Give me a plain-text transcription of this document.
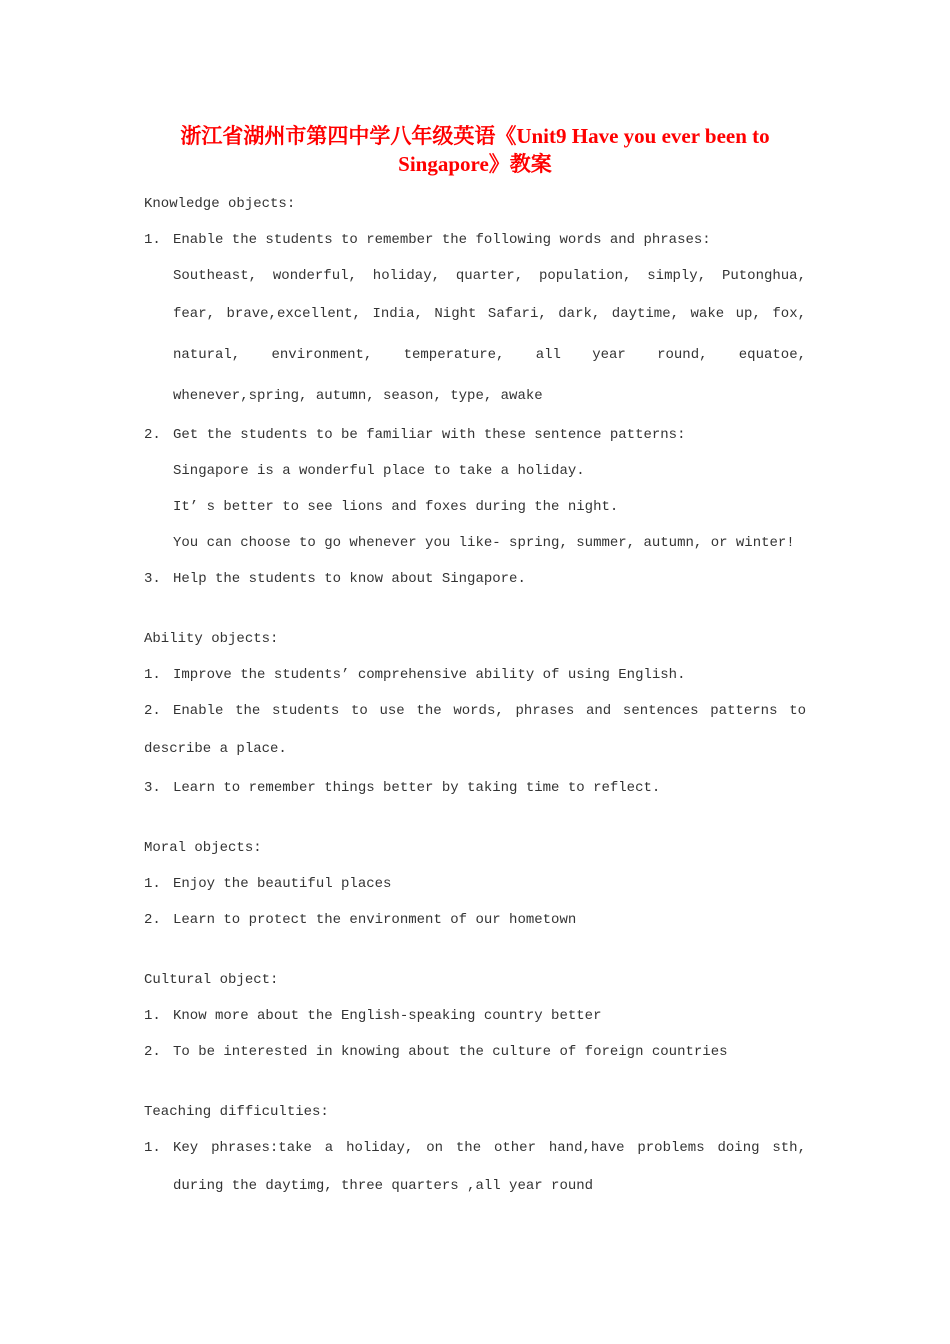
浙江省湖州市第四中学八年级英语《Unit9 Have you ever been to Singapore》教案
Knowledge objects:
1. Enable the students to remember the following words and phrases:
Southeast, wonderful, holiday, quarter, population, simply, Putonghua,
fear, brave,excellent, India, Night Safari, dark, daytime, wake up, fox,
natural, environment, temperature, all year round, equatoe,
whenever,spring, autumn, season, type, awake
2. Get the students to be familiar with these sentence patterns:
Singapore is a wonderful place to take a holiday.
It’ s better to see lions and foxes during the night.
You can choose to go whenever you like- spring, summer, autumn, or winter!
3. Help the students to know about Singapore.
Ability objects:
1. Improve the students’ comprehensive ability of using English.
2. Enable the students to use the words, phrases and sentences patterns to
describe a place.
3. Learn to remember things better by taking time to reflect.
Moral objects:
1. Enjoy the beautiful places
2. Learn to protect the environment of our hometown
Cultural object:
1. Know more about the English-speaking country better
2. To be interested in knowing about the culture of foreign countries
Teaching difficulties:
1. Key phrases:take a holiday, on the other hand,have problems doing sth,
during the daytimg, three quarters ,all year round
